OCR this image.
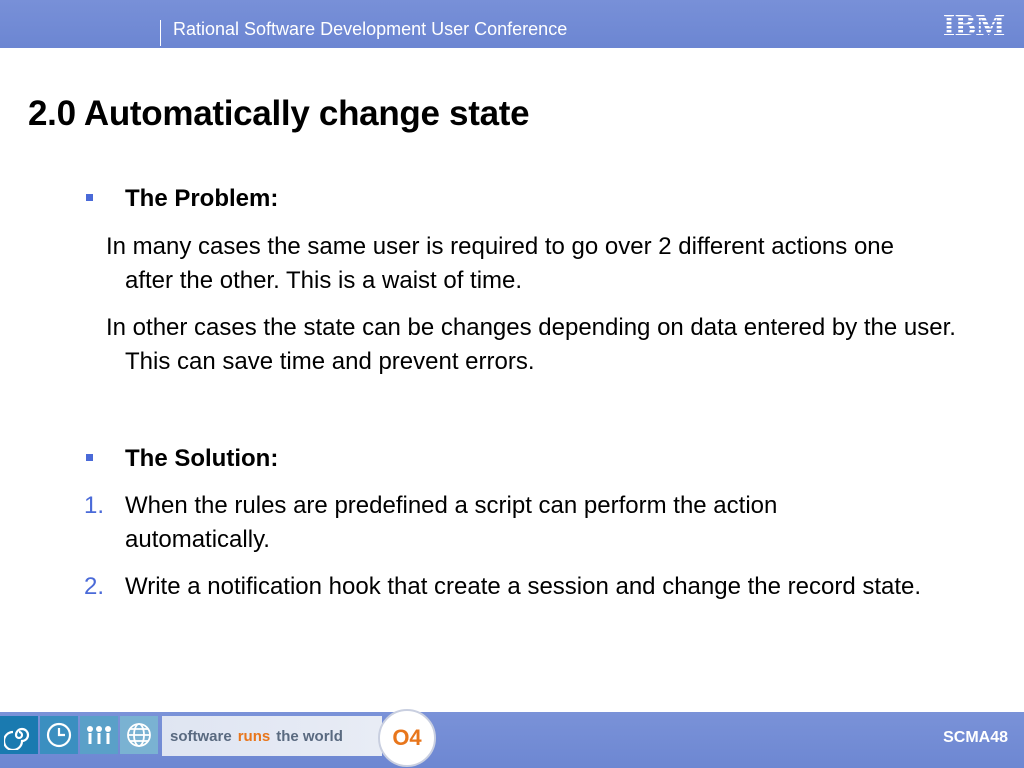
Rational Software Development User Conference	IBM
2.0 Automatically change state
The Problem:
In many cases the same user is required to go over 2 different actions one after the other. This is a waist of time.
In other cases the state can be changes depending on data entered by the user. This can save time and prevent errors.
The Solution:
1. When the rules are predefined a script can perform the action automatically.
2. Write a notification hook that create a session and change the record state.
software runs the world	O4	SCMA48
